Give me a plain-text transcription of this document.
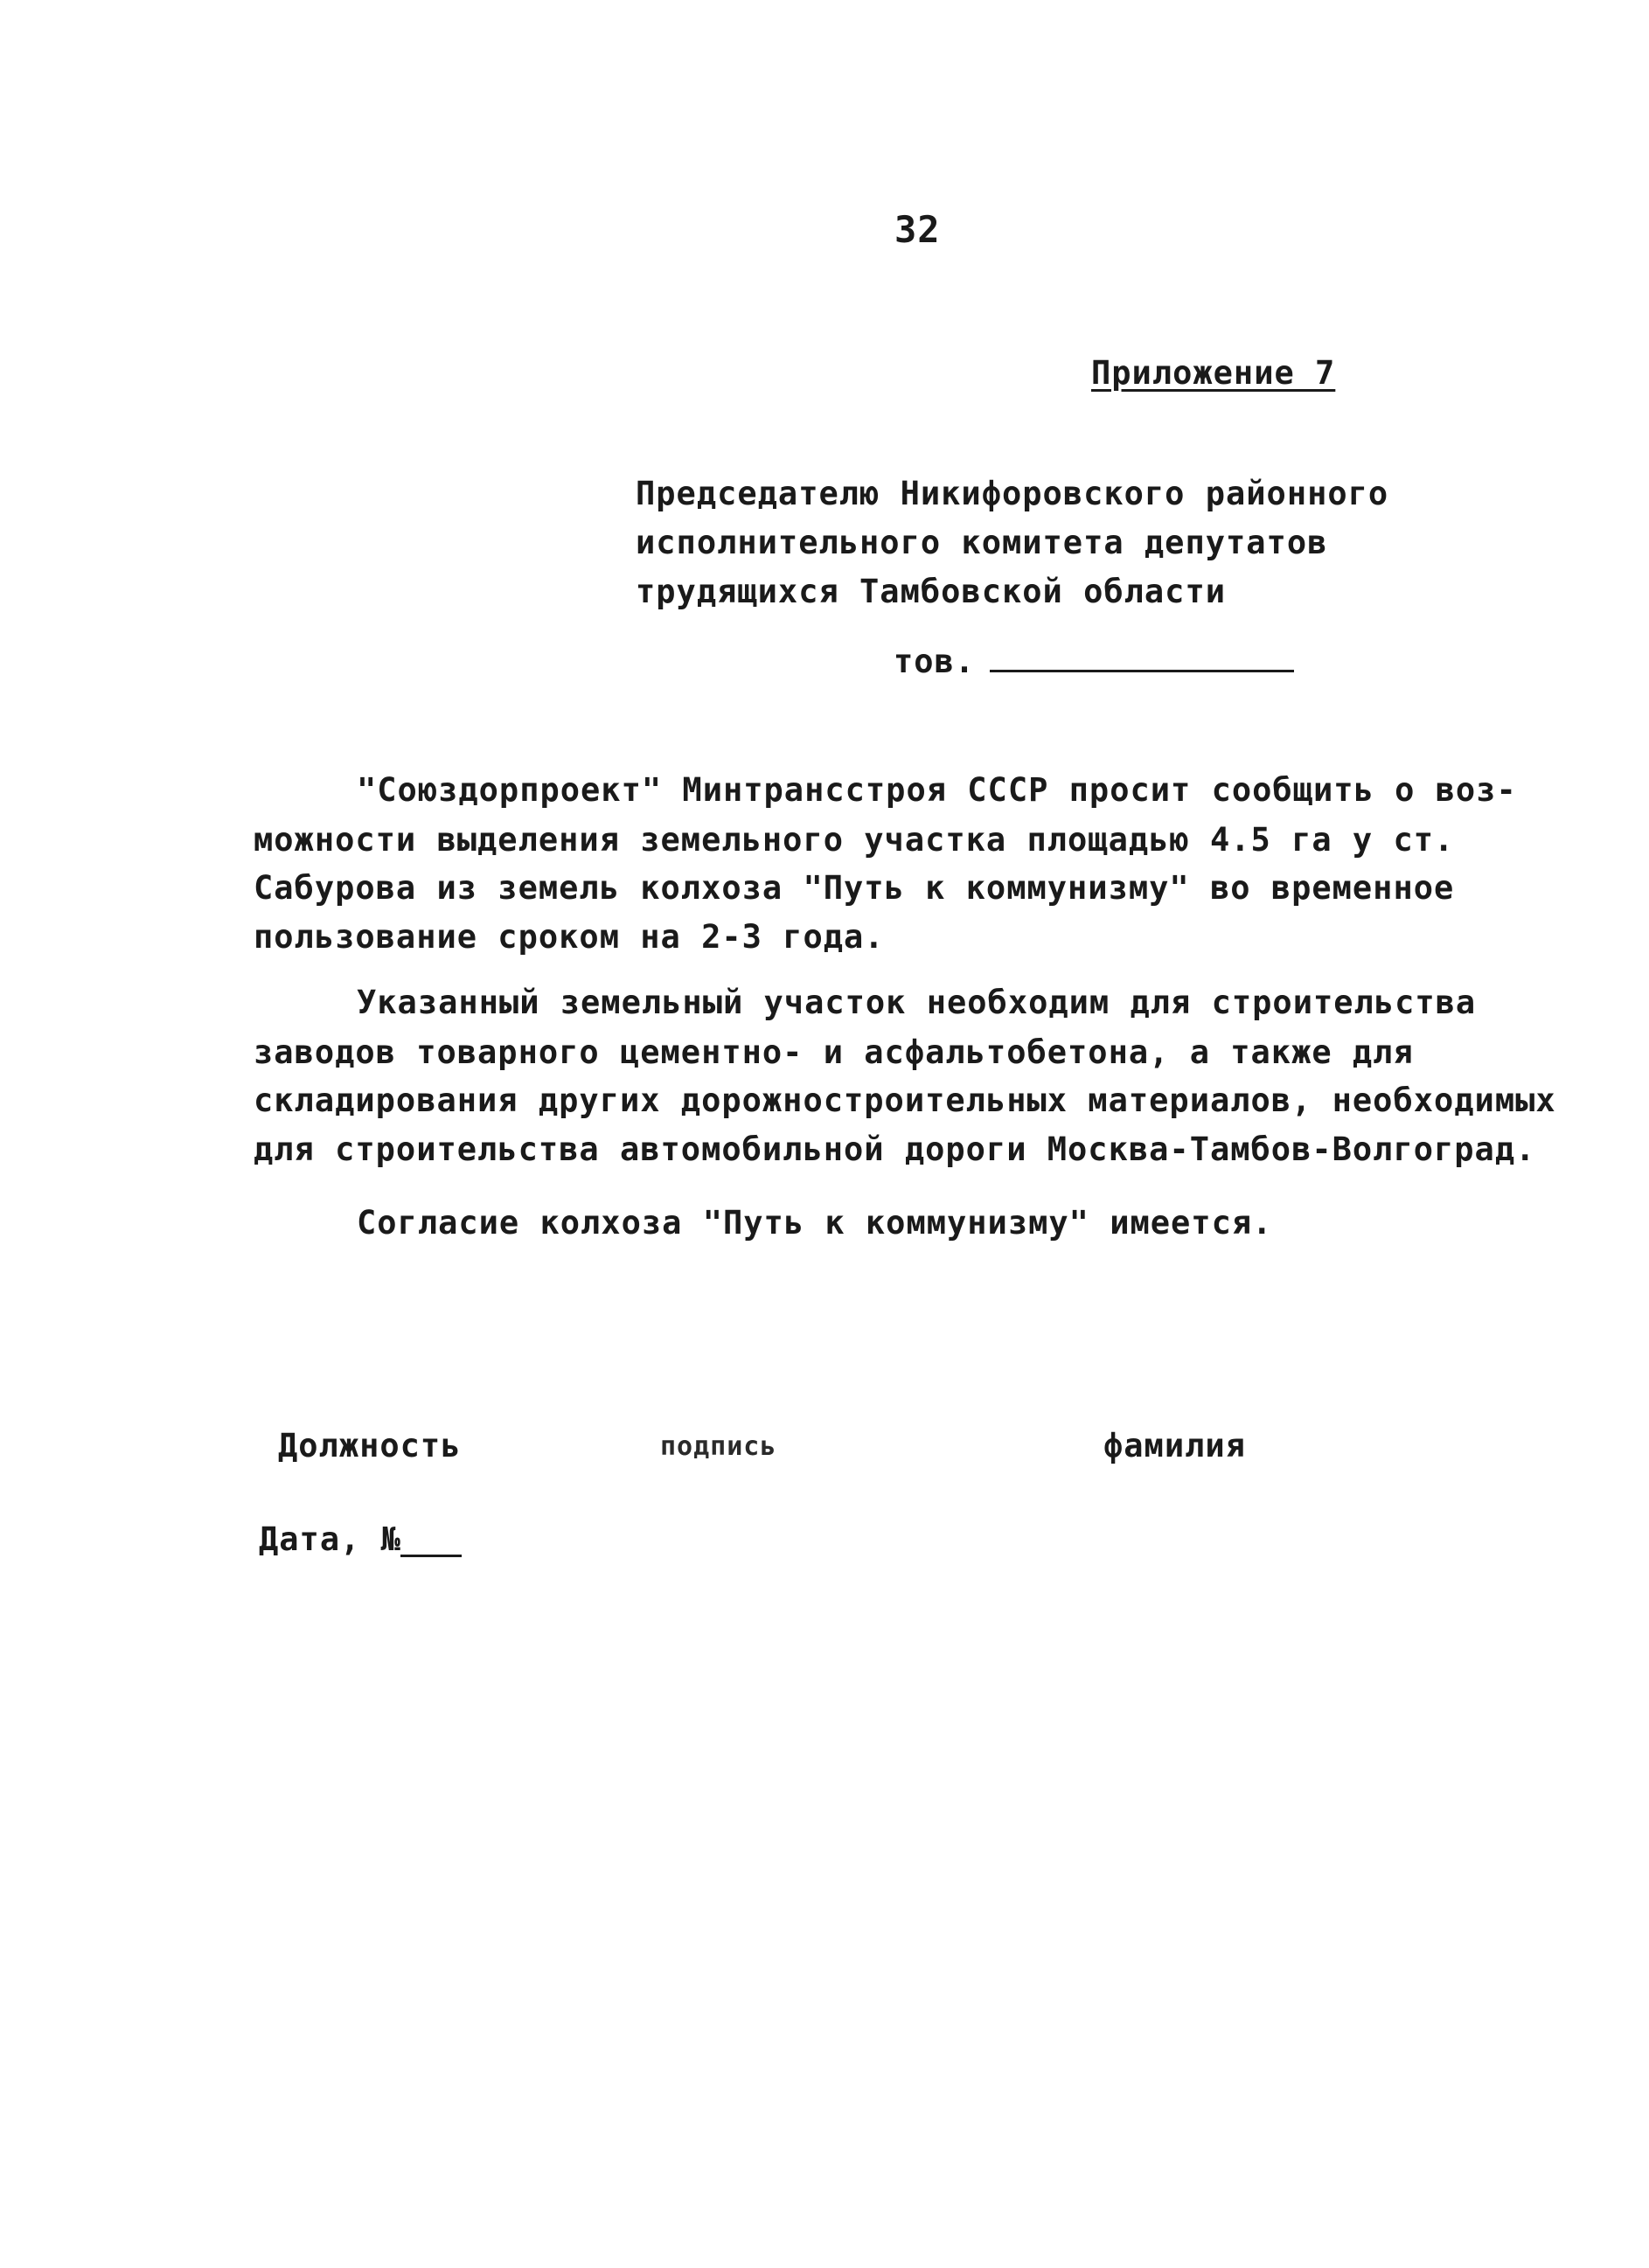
32
Приложение 7
Председателю Никифоровского районного
исполнительного комитета депутатов
трудящихся Тамбовской области
тов.
"Союздорпроект" Минтрансстроя СССР просит сообщить о воз-
можности выделения земельного участка площадью 4.5 га у ст.
Сабурова из земель колхоза "Путь к коммунизму" во временное
пользование сроком на 2-3 года.
Указанный земельный участок необходим для строительства
заводов товарного цементно- и асфальтобетона, а также для
складирования других дорожностроительных материалов, необходимых
для строительства автомобильной дороги Москва-Тамбов-Волгоград.
Согласие колхоза "Путь к коммунизму" имеется.
Должность	подпись	фамилия
Дата, №
